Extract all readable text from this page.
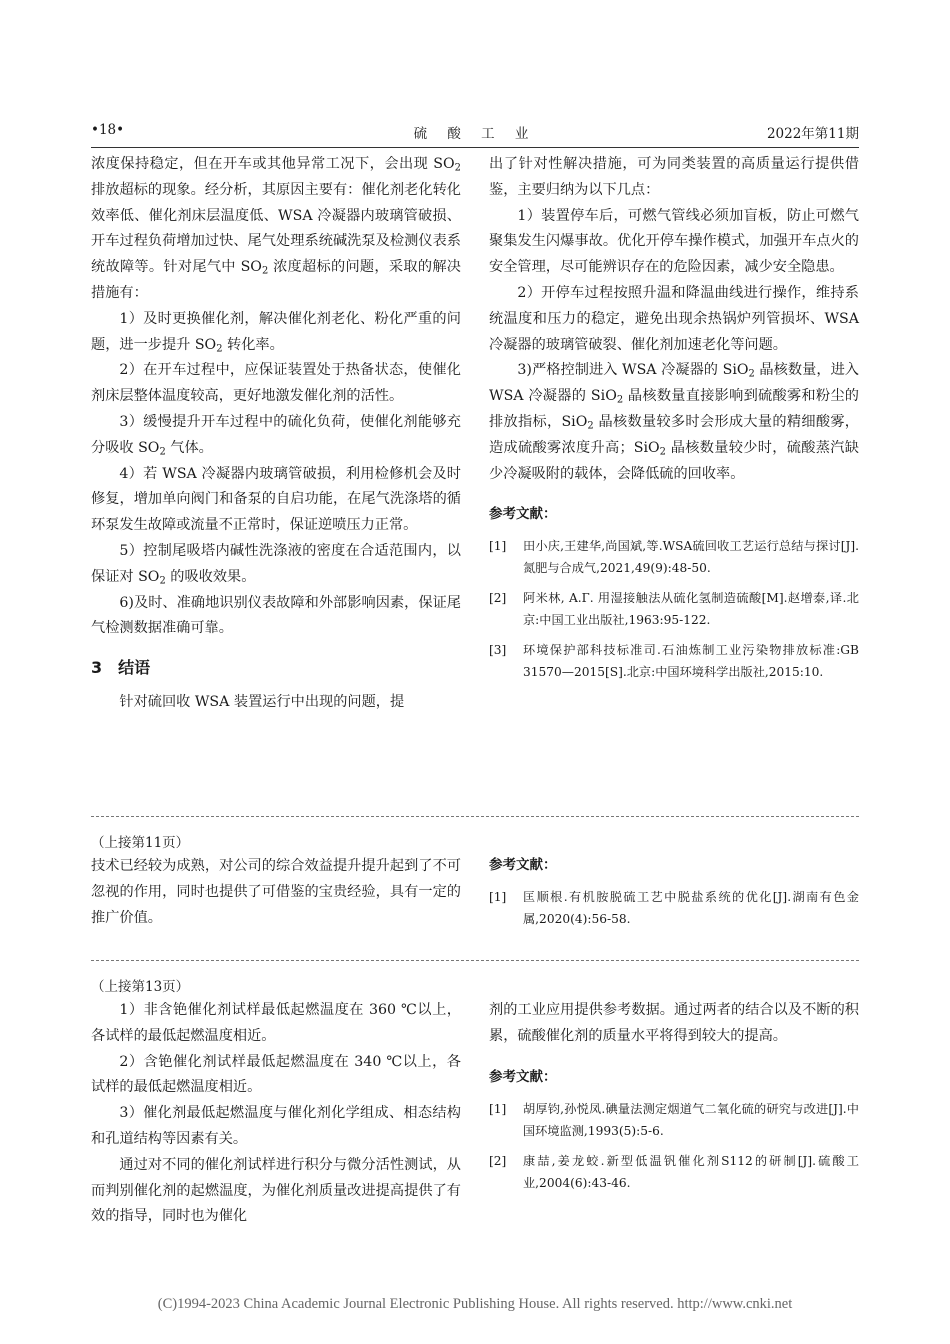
•18•	硫 酸 工 业	2022年第11期

浓度保持稳定，但在开车或其他异常工况下，会出现 $SO_2$ 排放超标的现象。经分析，其原因主要有：催化剂老化转化效率低、催化剂床层温度低、WSA 冷凝器内玻璃管破损、开车过程负荷增加过快、尾气处理系统碱洗泵及检测仪表系统故障等。针对尾气中 $SO_2$ 浓度超标的问题，采取的解决措施有：

1）及时更换催化剂，解决催化剂老化、粉化严重的问题，进一步提升 $SO_2$ 转化率。

2）在开车过程中，应保证装置处于热备状态，使催化剂床层整体温度较高，更好地激发催化剂的活性。

3）缓慢提升开车过程中的硫化负荷，使催化剂能够充分吸收 $SO_2$ 气体。

4）若 WSA 冷凝器内玻璃管破损，利用检修机会及时修复，增加单向阀门和备泵的自启功能，在尾气洗涤塔的循环泵发生故障或流量不正常时，保证逆喷压力正常。

5）控制尾吸塔内碱性洗涤液的密度在合适范围内，以保证对 $SO_2$ 的吸收效果。

6)及时、准确地识别仪表故障和外部影响因素，保证尾气检测数据准确可靠。

3　结语

针对硫回收 WSA 装置运行中出现的问题，提

出了针对性解决措施，可为同类装置的高质量运行提供借鉴，主要归纳为以下几点：

1）装置停车后，可燃气管线必须加盲板，防止可燃气聚集发生闪爆事故。优化开停车操作模式，加强开车点火的安全管理，尽可能辨识存在的危险因素，减少安全隐患。

2）开停车过程按照升温和降温曲线进行操作，维持系统温度和压力的稳定，避免出现余热锅炉列管损坏、WSA 冷凝器的玻璃管破裂、催化剂加速老化等问题。

3)严格控制进入 WSA 冷凝器的 SiO$_2$ 晶核数量，进入 WSA 冷凝器的 SiO$_2$ 晶核数量直接影响到硫酸雾和粉尘的排放指标，SiO$_2$ 晶核数量较多时会形成大量的精细酸雾，造成硫酸雾浓度升高；SiO$_2$ 晶核数量较少时，硫酸蒸汽缺少冷凝吸附的载体，会降低硫的回收率。

参考文献：
[1] 田小庆,王建华,尚国斌,等.WSA硫回收工艺运行总结与探讨[J].氮肥与合成气,2021,49(9):48-50.
[2] 阿米林, A.Г. 用湿接触法从硫化氢制造硫酸[M].赵增泰,译.北京:中国工业出版社,1963:95-122.
[3] 环境保护部科技标准司.石油炼制工业污染物排放标准:GB 31570—2015[S].北京:中国环境科学出版社,2015:10.
（上接第11页）

技术已经较为成熟，对公司的综合效益提升提升起到了不可忽视的作用，同时也提供了可借鉴的宝贵经验，具有一定的推广价值。

参考文献：
[1] 匡顺根.有机胺脱硫工艺中脱盐系统的优化[J].湖南有色金属,2020(4):56-58.
（上接第13页）

1）非含铯催化剂试样最低起燃温度在 360 ℃以上，各试样的最低起燃温度相近。

2）含铯催化剂试样最低起燃温度在 340 ℃以上，各试样的最低起燃温度相近。

3）催化剂最低起燃温度与催化剂化学组成、相态结构和孔道结构等因素有关。

通过对不同的催化剂试样进行积分与微分活性测试，从而判别催化剂的起燃温度，为催化剂质量改进提高提供了有效的指导，同时也为催化

剂的工业应用提供参考数据。通过两者的结合以及不断的积累，硫酸催化剂的质量水平将得到较大的提高。

参考文献：
[1] 胡厚钧,孙悦凤.碘量法测定烟道气二氧化硫的研究与改进[J].中国环境监测,1993(5):5-6.
[2] 康喆,姜龙蛟.新型低温钒催化剂S112的研制[J].硫酸工业,2004(6):43-46.
(C)1994-2023 China Academic Journal Electronic Publishing House. All rights reserved. http://www.cnki.net
